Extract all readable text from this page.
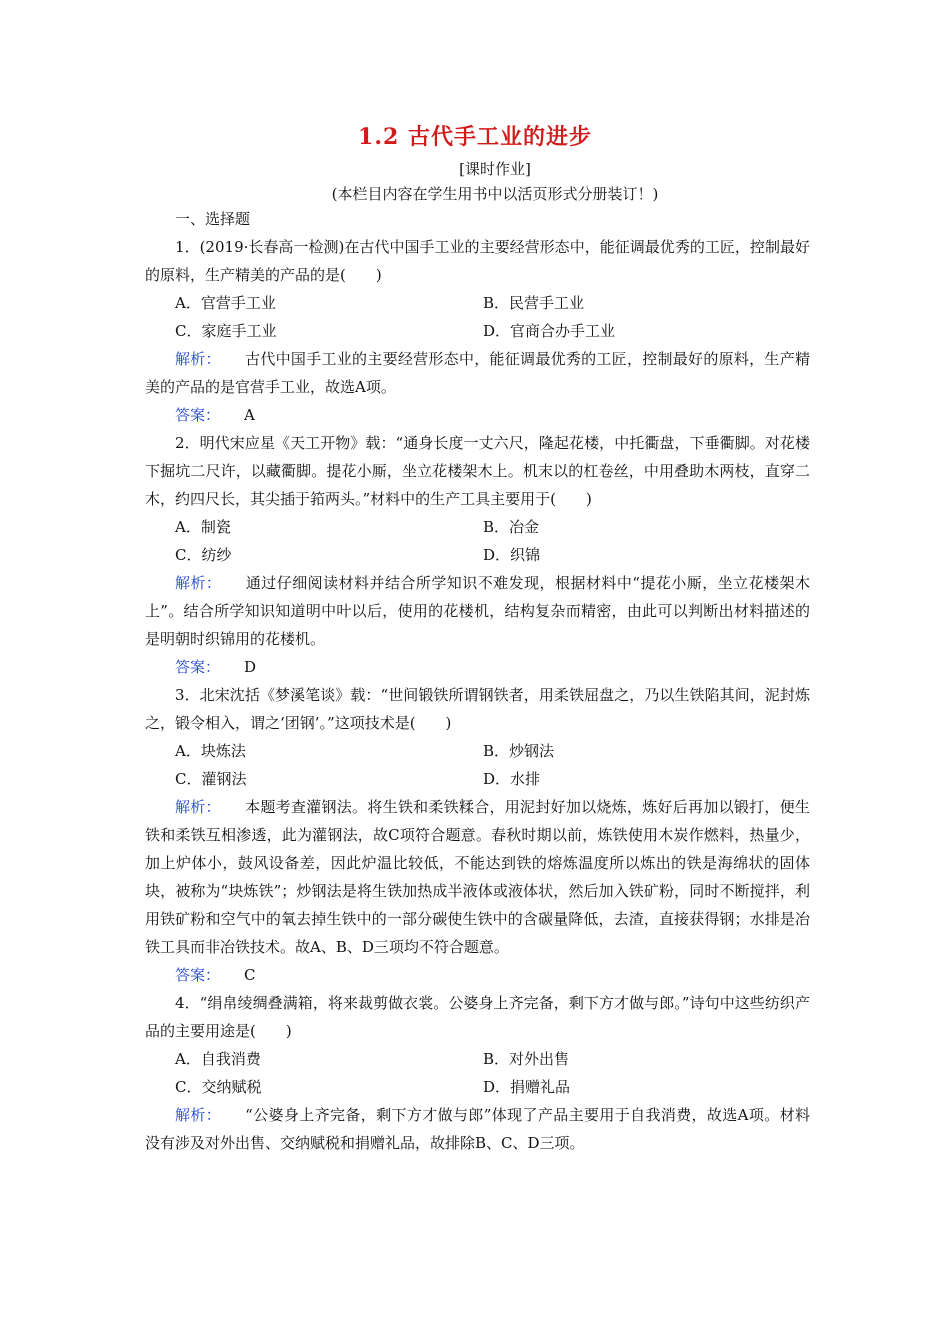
1.2 古代手工业的进步
[课时作业]
(本栏目内容在学生用书中以活页形式分册装订！)
一、选择题
1．(2019·长春高一检测)在古代中国手工业的主要经营形态中，能征调最优秀的工匠，控制最好的原料，生产精美的产品的是(　　)
A．官营手工业	B．民营手工业
C．家庭手工业	D．官商合办手工业
解析： 古代中国手工业的主要经营形态中，能征调最优秀的工匠，控制最好的原料，生产精美的产品的是官营手工业，故选A项。
答案： A
2．明代宋应星《天工开物》载：“通身长度一丈六尺，隆起花楼，中托衢盘，下垂衢脚。对花楼下掘坑二尺许，以藏衢脚。提花小厮，坐立花楼架木上。机末以的杠卷丝，中用叠助木两枝，直穿二木，约四尺长，其尖插于筘两头。”材料中的生产工具主要用于(　　)
A．制瓷	B．冶金
C．纺纱	D．织锦
解析： 通过仔细阅读材料并结合所学知识不难发现，根据材料中“提花小厮，坐立花楼架木上”。结合所学知识知道明中叶以后，使用的花楼机，结构复杂而精密，由此可以判断出材料描述的是明朝时织锦用的花楼机。
答案： D
3．北宋沈括《梦溪笔谈》载：“世间锻铁所谓钢铁者，用柔铁屈盘之，乃以生铁陷其间，泥封炼之，锻令相入，谓之‘团钢’。”这项技术是(　　)
A．块炼法	B．炒钢法
C．灌钢法	D．水排
解析： 本题考查灌钢法。将生铁和柔铁糅合，用泥封好加以烧炼，炼好后再加以锻打，便生铁和柔铁互相渗透，此为灌钢法，故C项符合题意。春秋时期以前，炼铁使用木炭作燃料，热量少，加上炉体小，鼓风设备差，因此炉温比较低，不能达到铁的熔炼温度所以炼出的铁是海绵状的固体块，被称为“块炼铁”；炒钢法是将生铁加热成半液体或液体状，然后加入铁矿粉，同时不断搅拌，利用铁矿粉和空气中的氧去掉生铁中的一部分碳使生铁中的含碳量降低，去渣，直接获得钢；水排是冶铁工具而非冶铁技术。故A、B、D三项均不符合题意。
答案： C
4．“绢帛绫绸叠满箱，将来裁剪做衣裳。公婆身上齐完备，剩下方才做与郎。”诗句中这些纺织产品的主要用途是(　　)
A．自我消费	B．对外出售
C．交纳赋税	D．捐赠礼品
解析： “公婆身上齐完备，剩下方才做与郎”体现了产品主要用于自我消费，故选A项。材料没有涉及对外出售、交纳赋税和捐赠礼品，故排除B、C、D三项。
